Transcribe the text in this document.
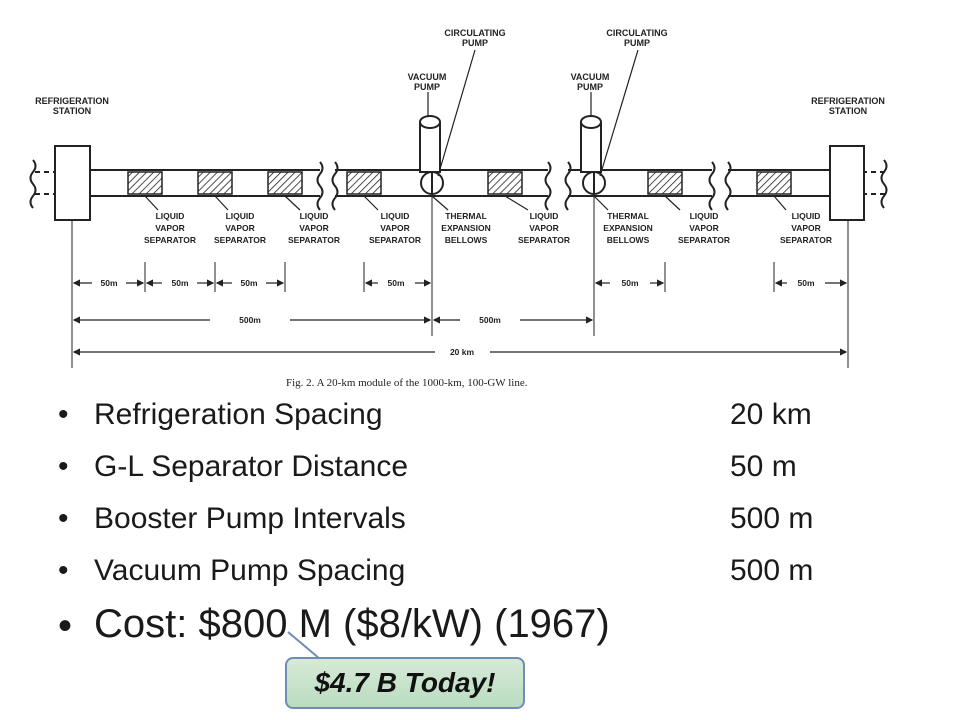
REFRIGERATION STATION
REFRIGERATION STATION
CIRCULATING PUMP
CIRCULATING PUMP
VACUUM PUMP
VACUUM PUMP
LIQUID VAPOR SEPARATOR
LIQUID VAPOR SEPARATOR
LIQUID VAPOR SEPARATOR
LIQUID VAPOR SEPARATOR
THERMAL EXPANSION BELLOWS
LIQUID VAPOR SEPARATOR
THERMAL EXPANSION BELLOWS
LIQUID VAPOR SEPARATOR
LIQUID VAPOR SEPARATOR
50m	50m	50m	50m	50m	50m
500m	500m
20 km
Fig. 2. A 20-km module of the 1000-km, 100-GW line.
• Refrigeration Spacing	20 km
• G-L Separator Distance	50 m
• Booster Pump Intervals	500 m
• Vacuum Pump Spacing	500 m
• Cost: $800 M ($8/kW) (1967)
$4.7 B Today!
